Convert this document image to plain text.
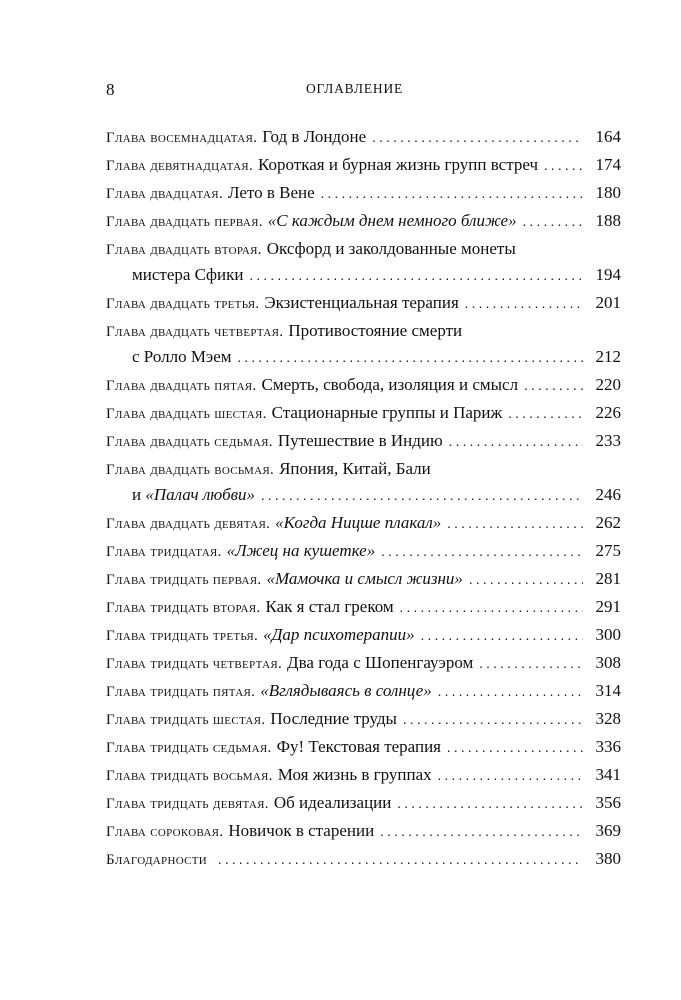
8	ОГЛАВЛЕНИЕ
Глава восемнадцатая. Год в Лондоне . . .	164
Глава девятнадцатая. Короткая и бурная жизнь групп встреч . . .	174
Глава двадцатая. Лето в Вене . . .	180
Глава двадцать первая. «С каждым днем немного ближе» . . .	188
Глава двадцать вторая. Оксфорд и заколдованные монеты
мистера Сфики . . .	194
Глава двадцать третья. Экзистенциальная терапия . . .	201
Глава двадцать четвертая. Противостояние смерти
с Ролло Мэем . . .	212
Глава двадцать пятая. Смерть, свобода, изоляция и смысл . . .	220
Глава двадцать шестая. Стационарные группы и Париж . . .	226
Глава двадцать седьмая. Путешествие в Индию . . .	233
Глава двадцать восьмая. Япония, Китай, Бали
и «Палач любви» . . .	246
Глава двадцать девятая. «Когда Ницше плакал» . . .	262
Глава тридцатая. «Лжец на кушетке» . . .	275
Глава тридцать первая. «Мамочка и смысл жизни» . . .	281
Глава тридцать вторая. Как я стал греком . . .	291
Глава тридцать третья. «Дар психотерапии» . . .	300
Глава тридцать четвертая. Два года с Шопенгауэром . . .	308
Глава тридцать пятая. «Вглядываясь в солнце» . . .	314
Глава тридцать шестая. Последние труды . . .	328
Глава тридцать седьмая. Фу! Текстовая терапия . . .	336
Глава тридцать восьмая. Моя жизнь в группах . . .	341
Глава тридцать девятая. Об идеализации . . .	356
Глава сороковая. Новичок в старении . . .	369
Благодарности . . .	380
